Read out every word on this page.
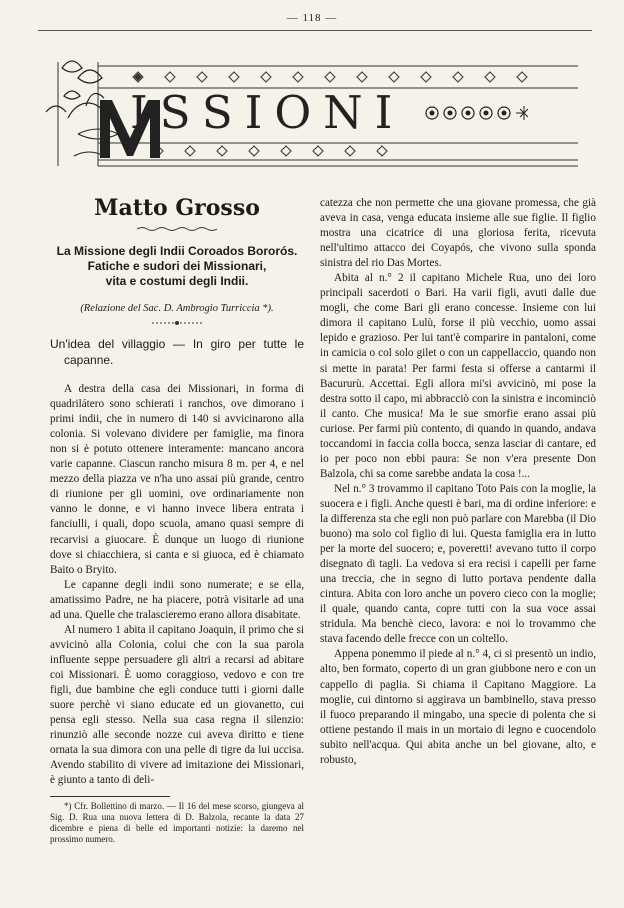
— 118 —
ISSIONI
Matto Grosso
La Missione degli Indii Coroados Bororós.
Fatiche e sudori dei Missionari,
vita e costumi degli Indii.
(Relazione del Sac. D. Ambrogio Turriccia *).
Un'idea del villaggio — In giro per tutte le capanne.

A destra della casa dei Missionari, in forma di quadrilátero sono schierati i ranchos, ove dimorano i primi indii, che in numero di 140 si avvicinarono alla colonia. Si volevano dividere per famiglie, ma finora non si è potuto ottenere interamente: mancano ancora varie capanne. Ciascun rancho misura 8 m. per 4, e nel mezzo della piazza ve n'ha uno assai più grande, centro di riunione per gli uomini, ove ordinariamente non vanno le donne, e vi hanno invece libera entrata i fanciulli, i quali, dopo scuola, amano quasi sempre di recarvisi a giuocare. È dunque un luogo di riunione dove si chiacchiera, si canta e si giuoca, ed è chiamato Baito o Bryito.

Le capanne degli indii sono numerate; e se ella, amatissimo Padre, ne ha piacere, potrà visitarle ad una ad una. Quelle che tralascieremo erano allora disabitate.

Al numero 1 abita il capitano Joaquin, il primo che si avvicinò alla Colonia, colui che con la sua parola influente seppe persuadere gli altri a recarsi ad abitare coi Missionari. È uomo coraggioso, vedovo e con tre figli, due bambine che egli conduce tutti i giorni dalle suore perchè vi siano educate ed un giovanetto, cui pensa egli stesso. Nella sua casa regna il silenzio: rinunziò alle seconde nozze cui aveva diritto e tiene ornata la sua dimora con una pelle di tigre da lui uccisa. Avendo stabilito di vivere ad imitazione dei Missionari, è giunto a tanto di deli-

*) Cfr. Bollettino di marzo. — Il 16 del mese scorso, giungeva al Sig. D. Rua una nuova lettera di D. Balzola, recante la data 27 dicembre e piena di belle ed importanti notizie: la daremo nel prossimo numero.

catezza che non permette che una giovane promessa, che già aveva in casa, venga educata insieme alle sue figlie. Il figlio mostra una cicatrice di una gloriosa ferita, ricevuta nell'ultimo attacco dei Coyapós, che vivono sulla sponda sinistra del rio Das Mortes.

Abita al n.° 2 il capitano Michele Rua, uno dei loro principali sacerdoti o Bari. Ha varii figli, avuti dalle due mogli, che come Bari gli erano concesse. Insieme con lui dimora il capitano Lulù, forse il più vecchio, uomo assai lepido e grazioso. Per lui tant'è comparire in pantaloni, come in camicia o col solo gilet o con un cappellaccio, quando non si mette in parata! Per farmi festa si offerse a cantarmi il Bacururù. Accettai. Egli allora mi'si avvicinò, mi pose la destra sotto il capo, mi abbracciò con la sinistra e incominciò il canto. Che musica! Ma le sue smorfie erano assai più curiose. Per farmi più contento, di quando in quando, andava toccandomi in faccia colla bocca, senza lasciar di cantare, ed io per poco non ebbi paura: Se non v'era presente Don Balzola, chi sa come sarebbe andata la cosa !...

Nel n.° 3 trovammo il capitano Toto Pais con la moglie, la suocera e i figli. Anche questi è bari, ma di ordine inferiore: e la differenza sta che egli non può parlare con Marebba (il Dio buono) ma solo col figlio di lui. Questa famiglia era in lutto per la morte del suocero; e, poveretti! avevano tutto il corpo disegnato di tagli. La vedova si era recisi i capelli per farne una treccia, che in segno di lutto portava pendente dalla cintura. Abita con loro anche un povero cieco con la moglie; il quale, quando canta, copre tutti con la sua voce assai stridula. Ma benchè cieco, lavora: e noi lo trovammo che stava facendo delle frecce con un coltello.

Appena ponemmo il piede al n.° 4, ci si presentò un indio, alto, ben formato, coperto di un gran giubbone nero e con un cappello di paglia. Si chiama il Capitano Maggiore. La moglie, cui dintorno si aggirava un bambinello, stava presso il fuoco preparando il mingabo, una specie di polenta che si ottiene pestando il mais in un mortaio di legno e cuocendolo subito nell'acqua. Qui abita anche un bel giovane, alto, e robusto,
